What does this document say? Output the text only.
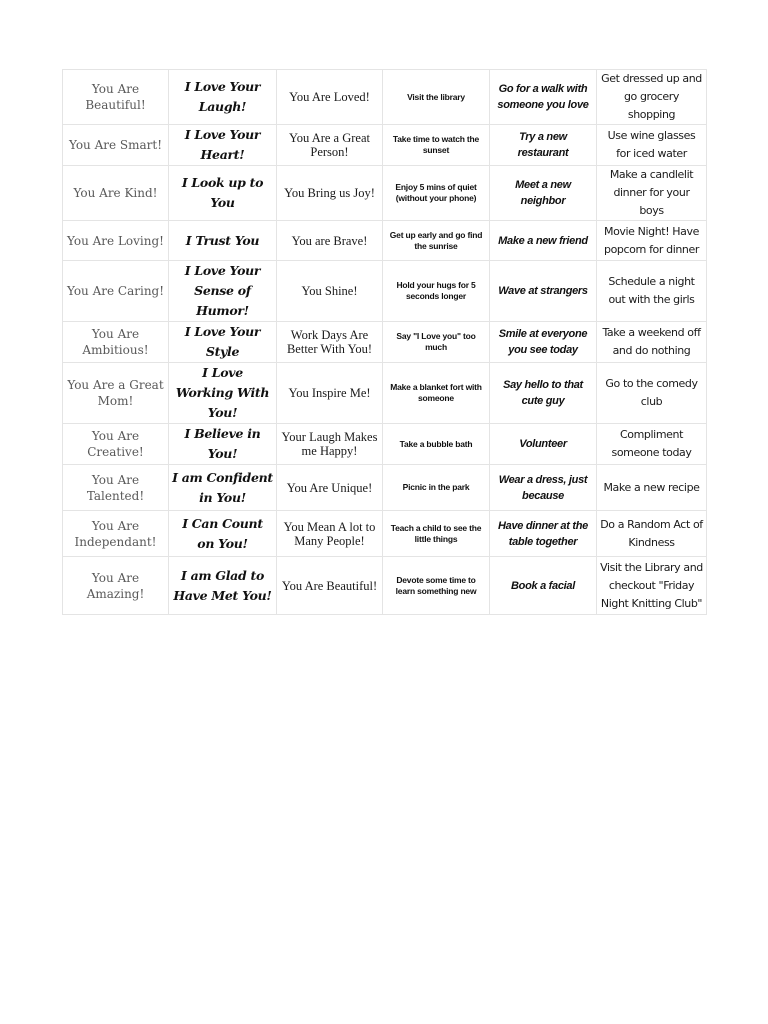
You Are Beautiful!	I Love Your Laugh!	You Are Loved!	Visit the library	Go for a walk with someone you love	Get dressed up and go grocery shopping
You Are Smart!	I Love Your Heart!	You Are a Great Person!	Take time to watch the sunset	Try a new restaurant	Use wine glasses for iced water
You Are Kind!	I Look up to You	You Bring us Joy!	Enjoy 5 mins of quiet (without your phone)	Meet a new neighbor	Make a candlelit dinner for your boys
You Are Loving!	I Trust You	You are Brave!	Get up early and go find the sunrise	Make a new friend	Movie Night! Have popcorn for dinner
You Are Caring!	I Love Your Sense of Humor!	You Shine!	Hold your hugs for 5 seconds longer	Wave at strangers	Schedule a night out with the girls
You Are Ambitious!	I Love Your Style	Work Days Are Better With You!	Say "I Love you" too much	Smile at everyone you see today	Take a weekend off and do nothing
You Are a Great Mom!	I Love Working With You!	You Inspire Me!	Make a blanket fort with someone	Say hello to that cute guy	Go to the comedy club
You Are Creative!	I Believe in You!	Your Laugh Makes me Happy!	Take a bubble bath	Volunteer	Compliment someone today
You Are Talented!	I am Confident in You!	You Are Unique!	Picnic in the park	Wear a dress, just because	Make a new recipe
You Are Independant!	I Can Count on You!	You Mean A lot to Many People!	Teach a child to see the little things	Have dinner at the table together	Do a Random Act of Kindness
You Are Amazing!	I am Glad to Have Met You!	You Are Beautiful!	Devote some time to learn something new	Book a facial	Visit the Library and checkout "Friday Night Knitting Club"
